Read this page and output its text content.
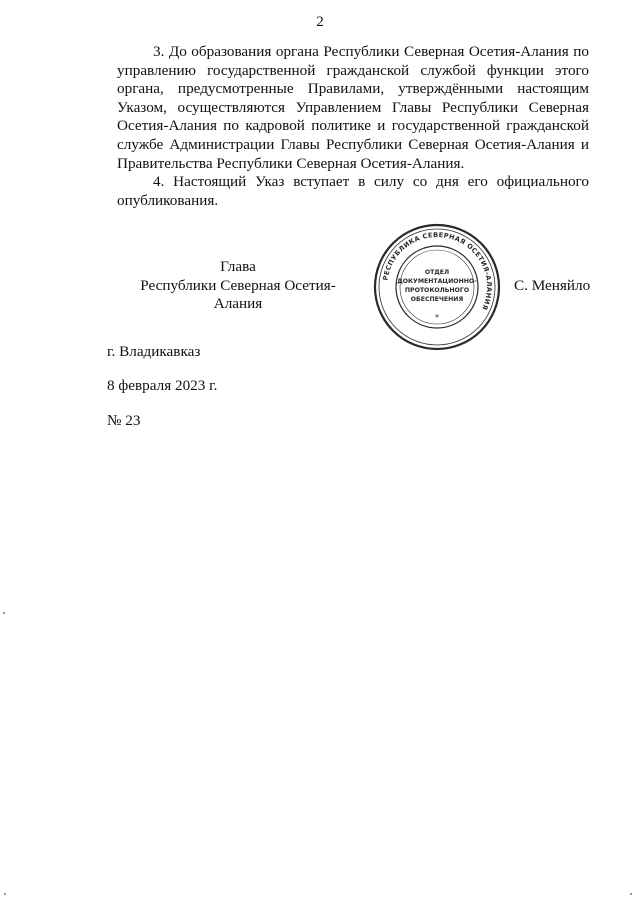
2

3. До образования органа Республики Северная Осетия-Алания по управлению государственной гражданской службой функции этого органа, предусмотренные Правилами, утверждёнными настоящим Указом, осуществляются Управлением Главы Республики Северная Осетия-Алания по кадровой политике и государственной гражданской службе Администрации Главы Республики Северная Осетия-Алания и Правительства Республики Северная Осетия-Алания.

4. Настоящий Указ вступает в силу со дня его официального опубликования.

Глава
Республики Северная Осетия-Алания
С. Меняйло
РЕСПУБЛИКА СЕВЕРНАЯ ОСЕТИЯ-АЛАНИЯ
ОТДЕЛ
ДОКУМЕНТАЦИОННО-
ПРОТОКОЛЬНОГО
ОБЕСПЕЧЕНИЯ
*
г. Владикавказ
8 февраля 2023 г.
№ 23
